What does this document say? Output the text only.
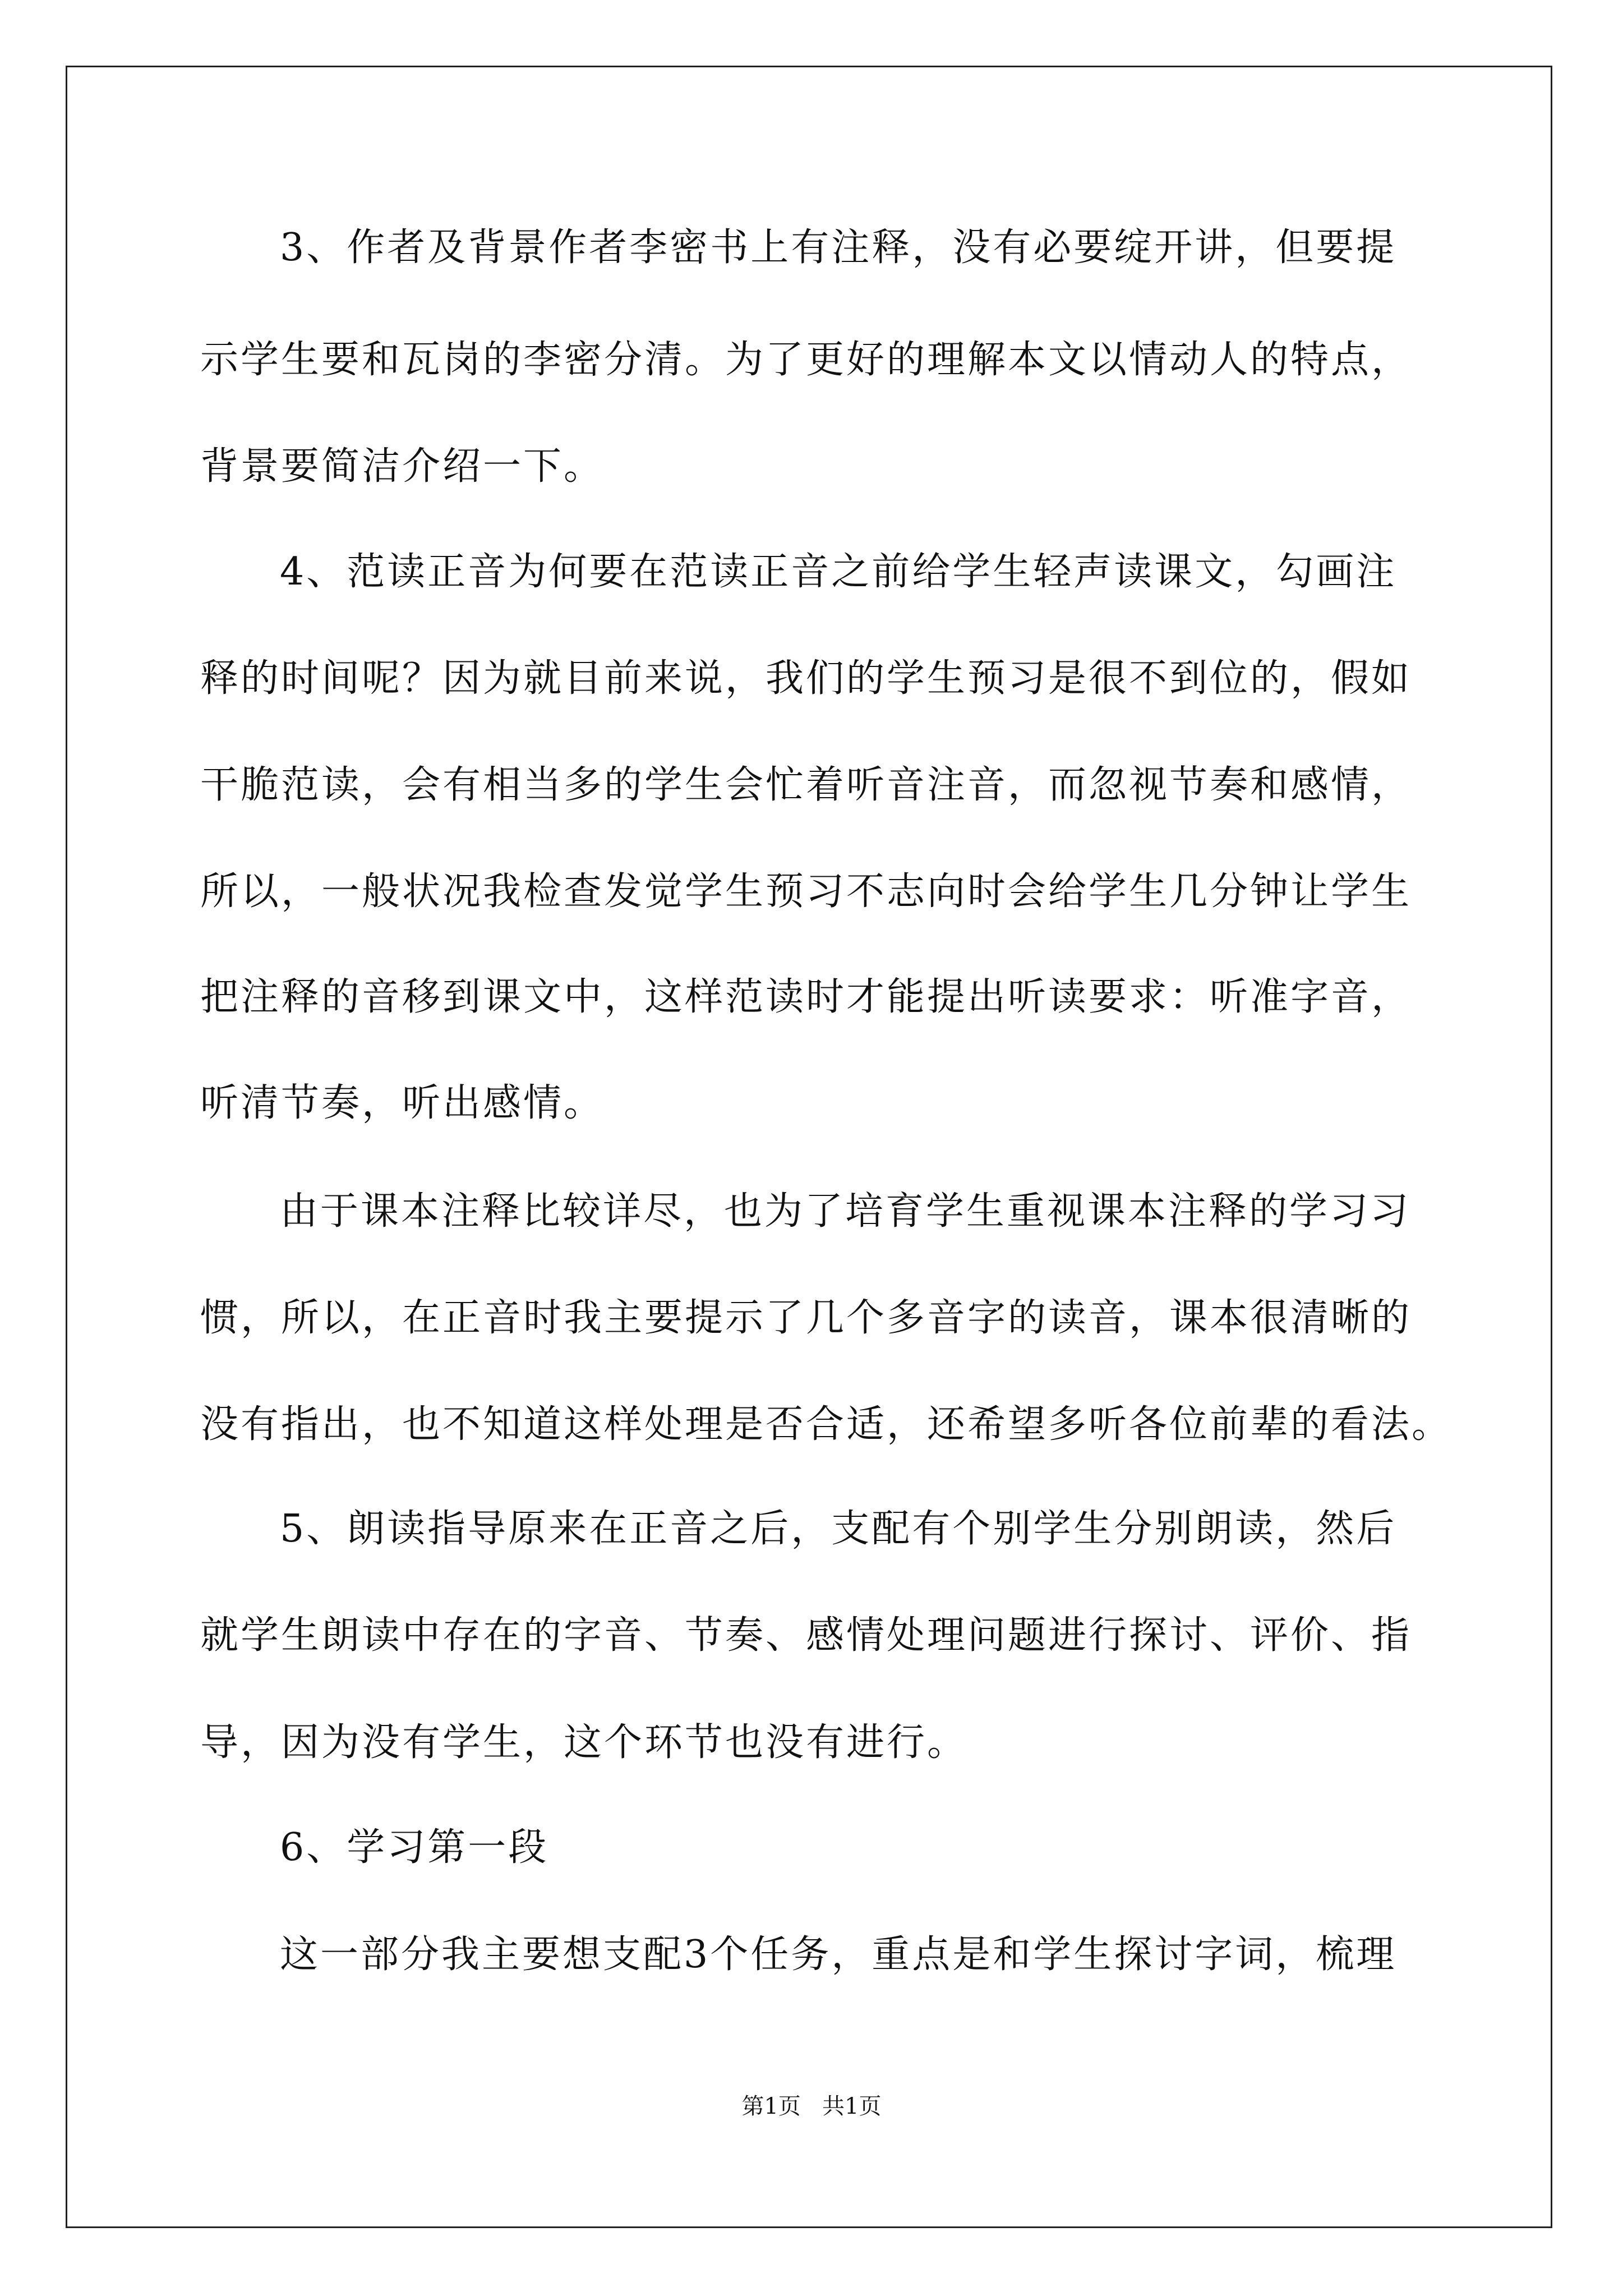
3、作者及背景作者李密书上有注释，没有必要绽开讲，但要提
示学生要和瓦岗的李密分清。为了更好的理解本文以情动人的特点，
背景要简洁介绍一下。
4、范读正音为何要在范读正音之前给学生轻声读课文，勾画注
释的时间呢？因为就目前来说，我们的学生预习是很不到位的，假如
干脆范读，会有相当多的学生会忙着听音注音，而忽视节奏和感情，
所以，一般状况我检查发觉学生预习不志向时会给学生几分钟让学生
把注释的音移到课文中，这样范读时才能提出听读要求：听准字音，
听清节奏，听出感情。
由于课本注释比较详尽，也为了培育学生重视课本注释的学习习
惯，所以，在正音时我主要提示了几个多音字的读音，课本很清晰的
没有指出，也不知道这样处理是否合适，还希望多听各位前辈的看法。
5、朗读指导原来在正音之后，支配有个别学生分别朗读，然后
就学生朗读中存在的字音、节奏、感情处理问题进行探讨、评价、指
导，因为没有学生，这个环节也没有进行。
6、学习第一段
这一部分我主要想支配3个任务，重点是和学生探讨字词，梳理
第1页   共1页
